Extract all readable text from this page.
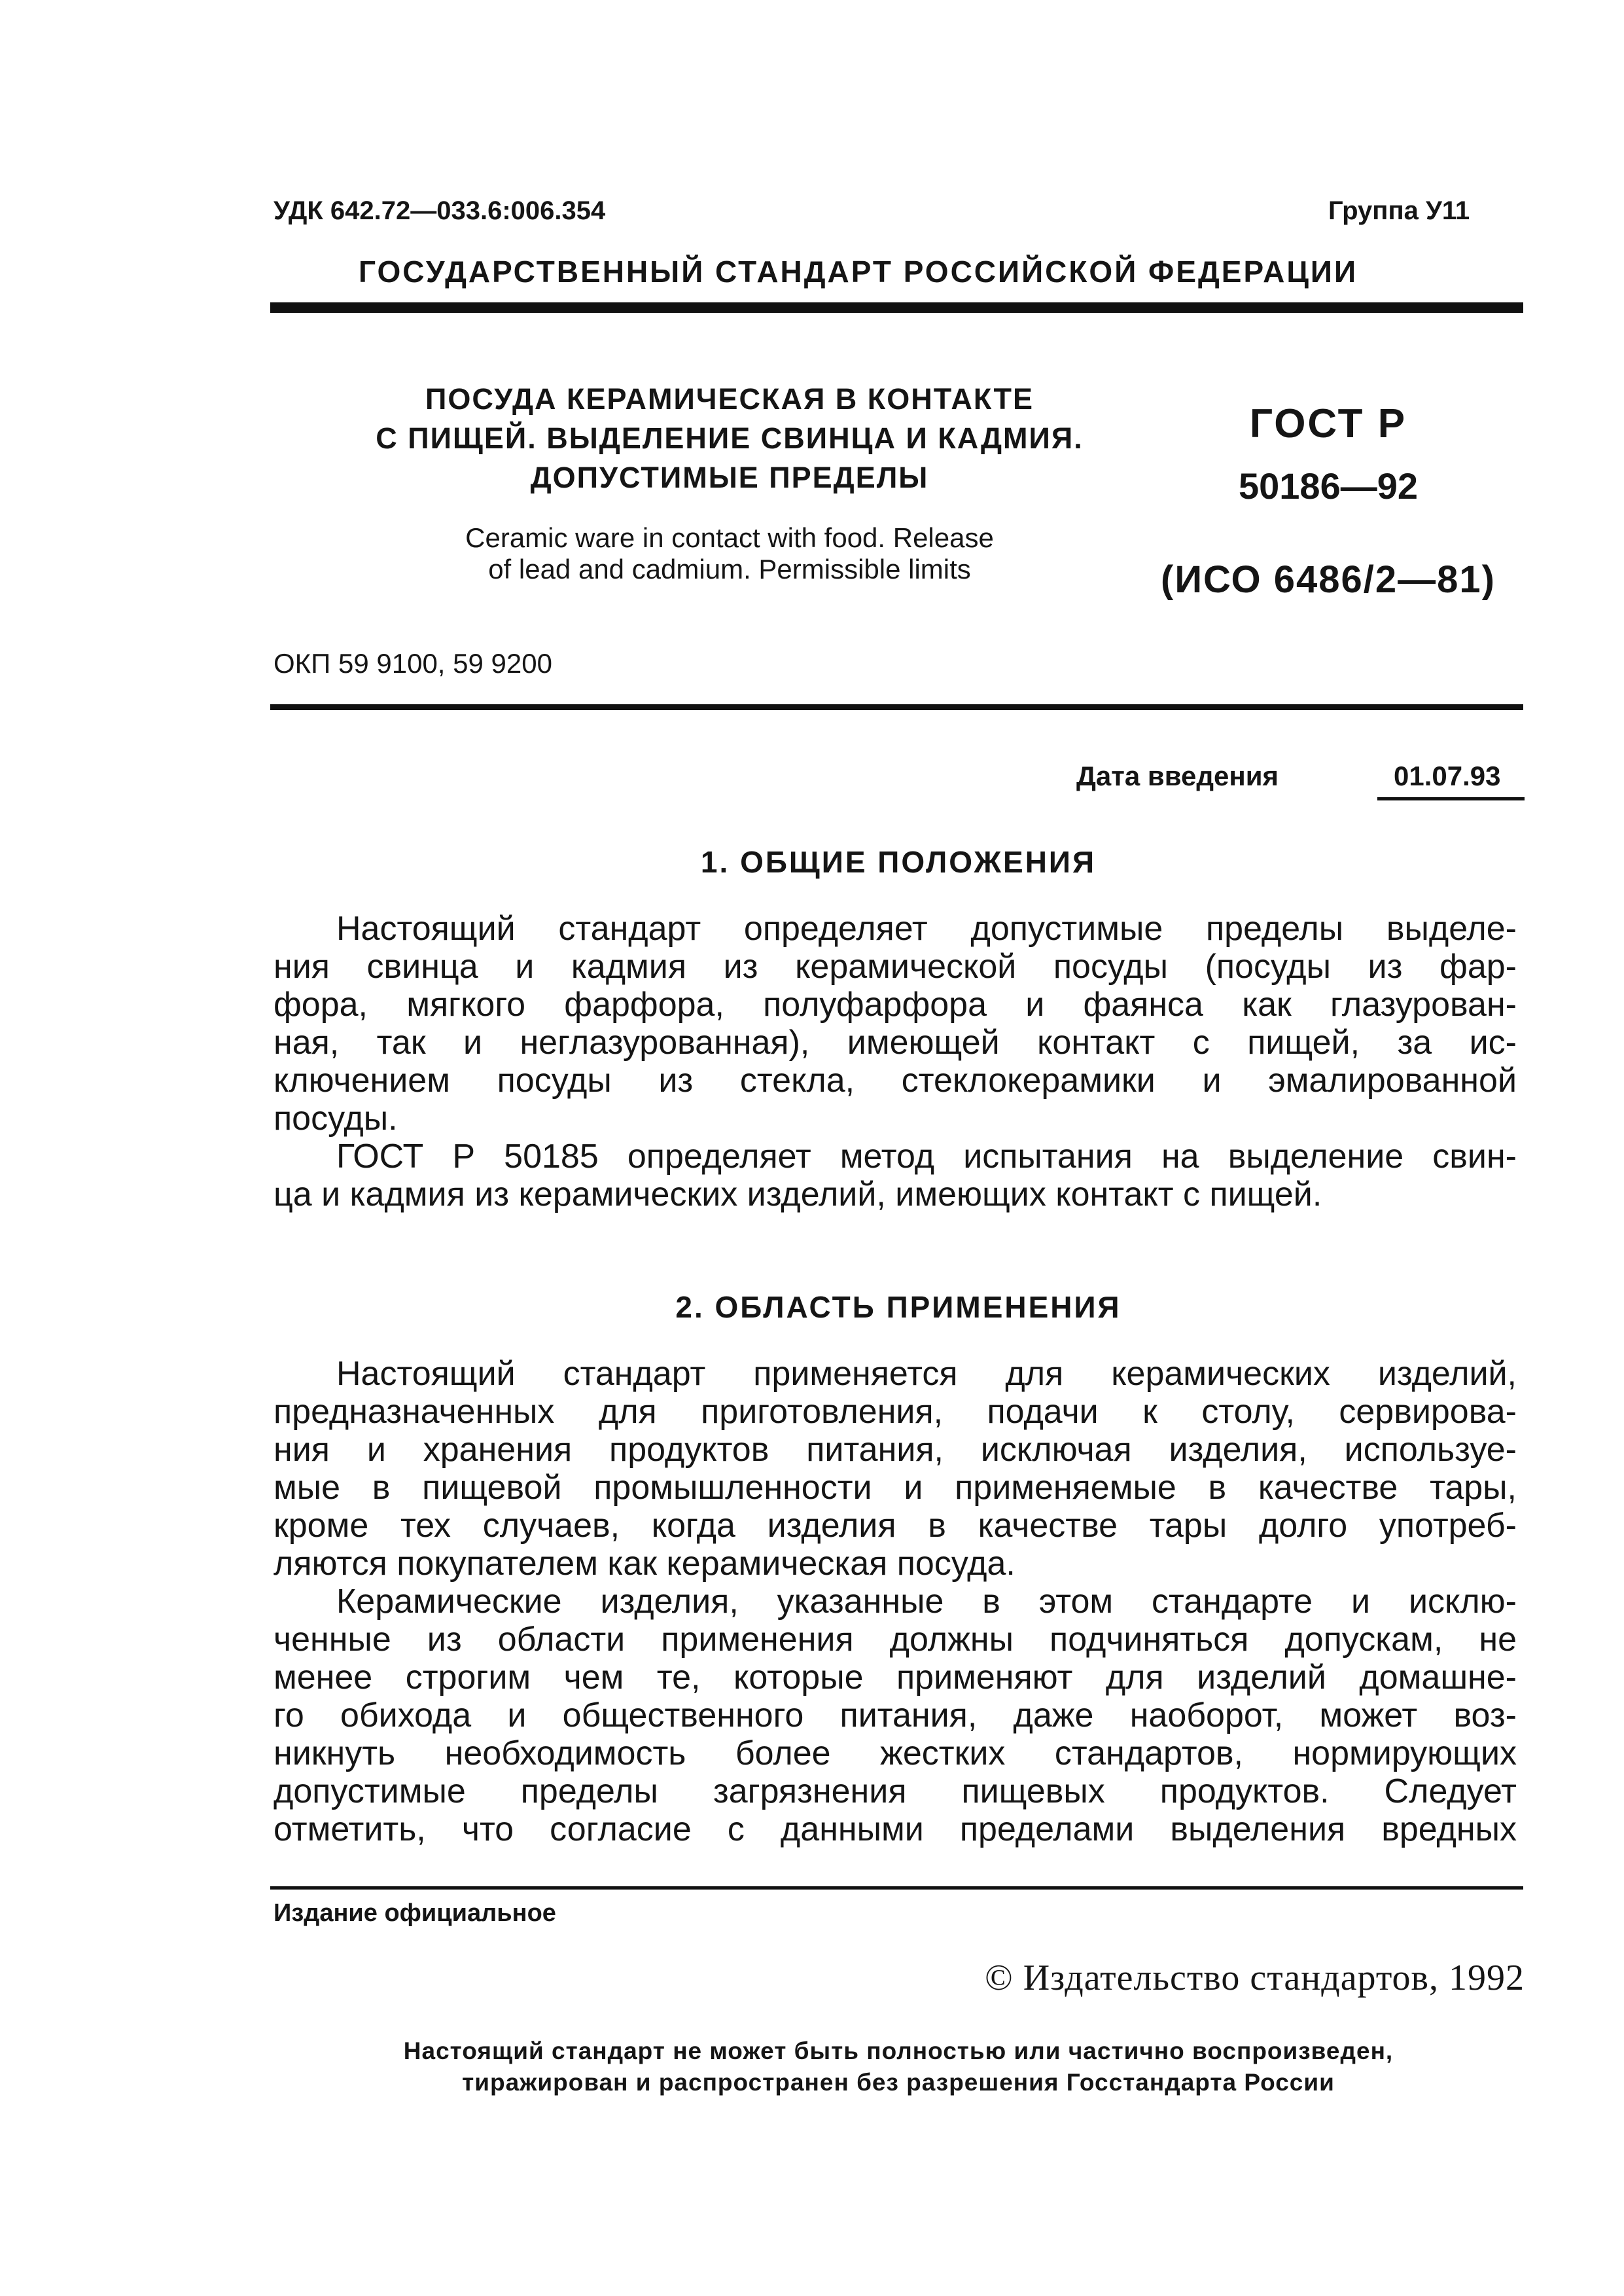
УДК 642.72—033.6:006.354	Группа У11
ГОСУДАРСТВЕННЫЙ СТАНДАРТ РОССИЙСКОЙ ФЕДЕРАЦИИ
ПОСУДА КЕРАМИЧЕСКАЯ В КОНТАКТЕ
С ПИЩЕЙ. ВЫДЕЛЕНИЕ СВИНЦА И КАДМИЯ.
ДОПУСТИМЫЕ ПРЕДЕЛЫ
Ceramic ware in contact with food. Release
of lead and cadmium. Permissible limits
ГОСТ Р
50186—92
(ИСО 6486/2—81)
ОКП 59 9100, 59 9200
Дата введения	01.07.93
1. ОБЩИЕ ПОЛОЖЕНИЯ
Настоящий стандарт определяет допустимые пределы выделе-
ния свинца и кадмия из керамической посуды (посуды из фар-
фора, мягкого фарфора, полуфарфора и фаянса как глазурован-
ная, так и неглазурованная), имеющей контакт с пищей, за ис-
ключением посуды из стекла, стеклокерамики и эмалированной
посуды.
ГОСТ Р 50185 определяет метод испытания на выделение свин-
ца и кадмия из керамических изделий, имеющих контакт с пищей.
2. ОБЛАСТЬ ПРИМЕНЕНИЯ
Настоящий стандарт применяется для керамических изделий,
предназначенных для приготовления, подачи к столу, сервирова-
ния и хранения продуктов питания, исключая изделия, используе-
мые в пищевой промышленности и применяемые в качестве тары,
кроме тех случаев, когда изделия в качестве тары долго употреб-
ляются покупателем как керамическая посуда.
Керамические изделия, указанные в этом стандарте и исклю-
ченные из области применения должны подчиняться допускам, не
менее строгим чем те, которые применяют для изделий домашне-
го обихода и общественного питания, даже наоборот, может воз-
никнуть необходимость более жестких стандартов, нормирующих
допустимые пределы загрязнения пищевых продуктов. Следует
отметить, что согласие с данными пределами выделения вредных
Издание официальное
© Издательство стандартов, 1992
Настоящий стандарт не может быть полностью или частично воспроизведен,
тиражирован и распространен без разрешения Госстандарта России
